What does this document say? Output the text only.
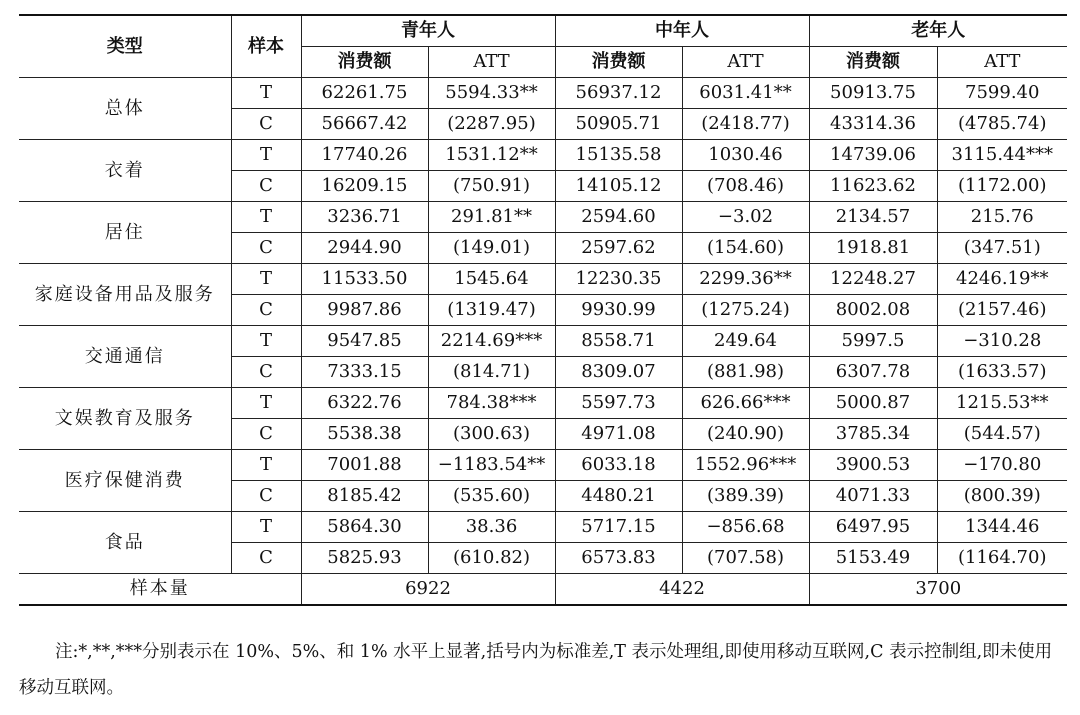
类型	样本	青年人		中年人		老年人	
		消费额	ATT	消费额	ATT	消费额	ATT
总体	T	62261.75	5594.33**	56937.12	6031.41**	50913.75	7599.40
	C	56667.42	(2287.95)	50905.71	(2418.77)	43314.36	(4785.74)
衣着	T	17740.26	1531.12**	15135.58	1030.46	14739.06	3115.44***
	C	16209.15	(750.91)	14105.12	(708.46)	11623.62	(1172.00)
居住	T	3236.71	291.81**	2594.60	−3.02	2134.57	215.76
	C	2944.90	(149.01)	2597.62	(154.60)	1918.81	(347.51)
家庭设备用品及服务	T	11533.50	1545.64	12230.35	2299.36**	12248.27	4246.19**
	C	9987.86	(1319.47)	9930.99	(1275.24)	8002.08	(2157.46)
交通通信	T	9547.85	2214.69***	8558.71	249.64	5997.5	−310.28
	C	7333.15	(814.71)	8309.07	(881.98)	6307.78	(1633.57)
文娱教育及服务	T	6322.76	784.38***	5597.73	626.66***	5000.87	1215.53**
	C	5538.38	(300.63)	4971.08	(240.90)	3785.34	(544.57)
医疗保健消费	T	7001.88	−1183.54**	6033.18	1552.96***	3900.53	−170.80
	C	8185.42	(535.60)	4480.21	(389.39)	4071.33	(800.39)
食品	T	5864.30	38.36	5717.15	−856.68	6497.95	1344.46
	C	5825.93	(610.82)	6573.83	(707.58)	5153.49	(1164.70)
样本量		6922		4422		3700	
注:*,**,***分别表示在 10%、5%、和 1% 水平上显著,括号内为标准差,T 表示处理组,即使用移动互联网,C 表示控制组,即未使用移动互联网。
